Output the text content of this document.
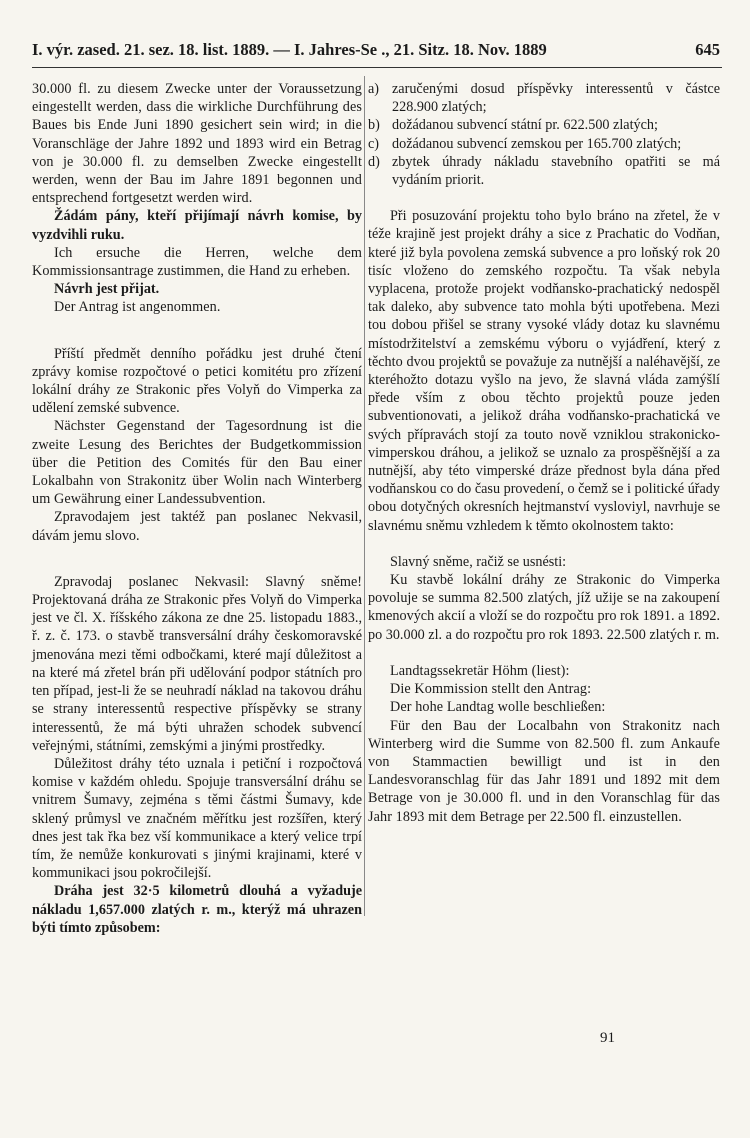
I. výr. zased. 21. sez. 18. list. 1889. — I. Jahres-Se ., 21. Sitz. 18. Nov. 1889	645

30.000 fl. zu diesem Zwecke unter der Voraussetzung eingestellt werden, dass die wirkliche Durchführung des Baues bis Ende Juni 1890 gesichert sein wird; in die Voranschläge der Jahre 1892 und 1893 wird ein Betrag von je 30.000 fl. zu demselben Zwecke eingestellt werden, wenn der Bau im Jahre 1891 begonnen und entsprechend fortgesetzt werden wird.

Žádám pány, kteří přijímají návrh komise, by vyzdvihli ruku.

Ich ersuche die Herren, welche dem Kommissionsantrage zustimmen, die Hand zu erheben.

Návrh jest přijat.

Der Antrag ist angenommen.

Příští předmět denního pořádku jest druhé čtení zprávy komise rozpočtové o petici komitétu pro zřízení lokální dráhy ze Strakonic přes Volyň do Vimperka za udělení zemské subvence.

Nächster Gegenstand der Tagesordnung ist die zweite Lesung des Berichtes der Budgetkommission über die Petition des Comités für den Bau einer Lokalbahn von Strakonitz über Wolin nach Winterberg um Gewährung einer Landessubvention.

Zpravodajem jest taktéž pan poslanec Nekvasil, dávám jemu slovo.

Zpravodaj poslanec Nekvasil: Slavný sněme! Projektovaná dráha ze Strakonic přes Volyň do Vimperka jest ve čl. X. říšského zákona ze dne 25. listopadu 1883., ř. z. č. 173. o stavbě transversální dráhy českomoravské jmenována mezi těmi odbočkami, které mají důležitost a na které má zřetel brán při udělování podpor státních pro ten případ, jest-li že se neuhradí náklad na takovou dráhu se strany interessentů respective příspěvky se strany interessentů, že má býti uhražen schodek subvencí veřejnými, státními, zemskými a jinými prostředky.

Důležitost dráhy této uznala i petiční i rozpočtová komise v každém ohledu. Spojuje transversální dráhu se vnitrem Šumavy, zejména s těmi částmi Šumavy, kde sklený průmysl ve značném měřítku jest rozšířen, který dnes jest tak řka bez vší kommunikace a který velice trpí tím, že nemůže konkurovati s jinými krajinami, které v kommunikaci jsou pokročilejší.

Dráha jest 32·5 kilometrů dlouhá a vyžaduje nákladu 1,657.000 zlatých r. m., kterýž má uhrazen býti tímto způsobem:

a) zaručenými dosud příspěvky interessentů v částce 228.900 zlatých;
b) dožádanou subvencí státní pr. 622.500 zlatých;
c) dožádanou subvencí zemskou per 165.700 zlatých;
d) zbytek úhrady nákladu stavebního opatřiti se má vydáním priorit.

Při posuzování projektu toho bylo bráno na zřetel, že v téže krajině jest projekt dráhy a sice z Prachatic do Vodňan, které již byla povolena zemská subvence a pro loňský rok 20 tisíc vloženo do zemského rozpočtu. Ta však nebyla vyplacena, protože projekt vodňansko-prachatický nedospěl tak daleko, aby subvence tato mohla býti upotřebena. Mezi tou dobou přišel se strany vysoké vlády dotaz ku slavnému místodržitelství a zemskému výboru o vyjádření, který z těchto dvou projektů se považuje za nutnější a naléhavější, ze kteréhožto dotazu vyšlo na jevo, že slavná vláda zamýšlí přede vším z obou těchto projektů pouze jeden subventionovati, a jelikož dráha vodňansko-prachatická ve svých přípravách stojí za touto nově vzniklou strakonicko-vimperskou dráhou, a jelikož se uznalo za prospěšnější a za nutnější, aby této vimperské dráze přednost byla dána před vodňanskou co do času provedení, o čemž se i politické úřady obou dotyčných okresních hejtmanství vysloviyl, navrhuje se slavnému sněmu vzhledem k těmto okolnostem takto:

Slavný sněme, račiž se usnésti:

Ku stavbě lokální dráhy ze Strakonic do Vimperka povoluje se summa 82.500 zlatých, jíž užije se na zakoupení kmenových akcií a vloží se do rozpočtu pro rok 1891. a 1892. po 30.000 zl. a do rozpočtu pro rok 1893. 22.500 zlatých r. m.

Landtagssekretär Höhm (liest):

Die Kommission stellt den Antrag:

Der hohe Landtag wolle beschließen:

Für den Bau der Localbahn von Strakonitz nach Winterberg wird die Summe von 82.500 fl. zum Ankaufe von Stammactien bewilligt und ist in den Landesvoranschlag für das Jahr 1891 und 1892 mit dem Betrage von je 30.000 fl. und in den Voranschlag für das Jahr 1893 mit dem Betrage per 22.500 fl. einzustellen.

91
